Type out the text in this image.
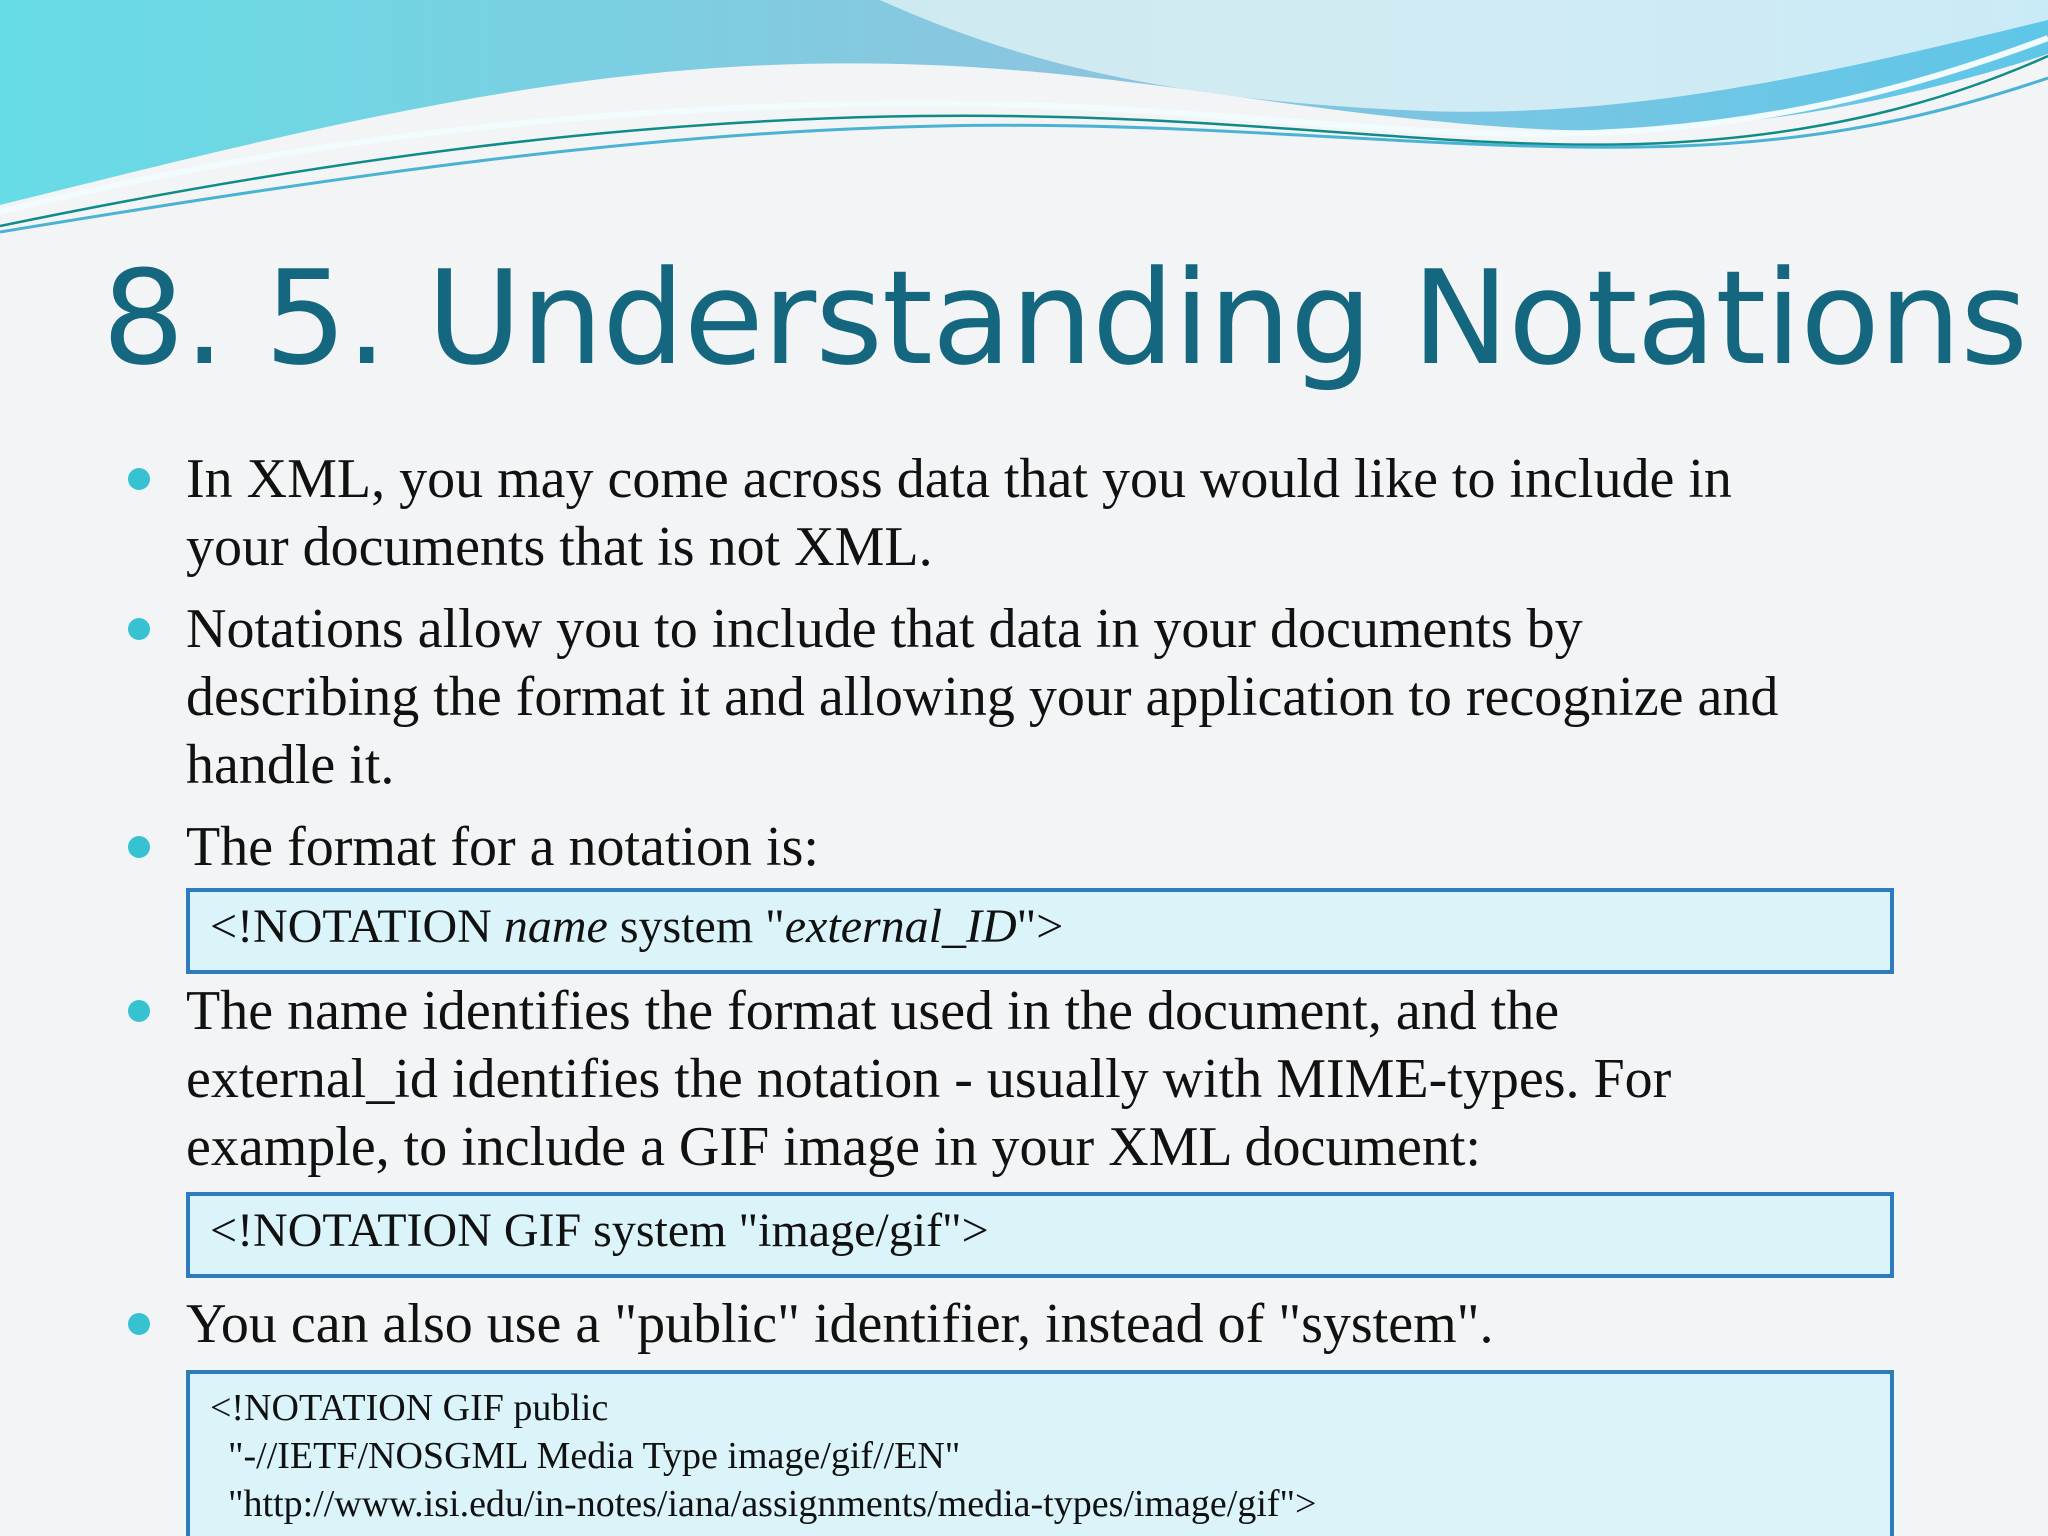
8. 5. Understanding Notations
In XML, you may come across data that you would like to include in
your documents that is not XML.
Notations allow you to include that data in your documents by
describing the format it and allowing your application to recognize and
handle it.
The format for a notation is:
<!NOTATION name system "external_ID">
The name identifies the format used in the document, and the
external_id identifies the notation - usually with MIME-types. For
example, to include a GIF image in your XML document:
<!NOTATION GIF system "image/gif">
You can also use a "public" identifier, instead of "system".
<!NOTATION GIF public
"-//IETF/NOSGML Media Type image/gif//EN"
"http://www.isi.edu/in-notes/iana/assignments/media-types/image/gif">
